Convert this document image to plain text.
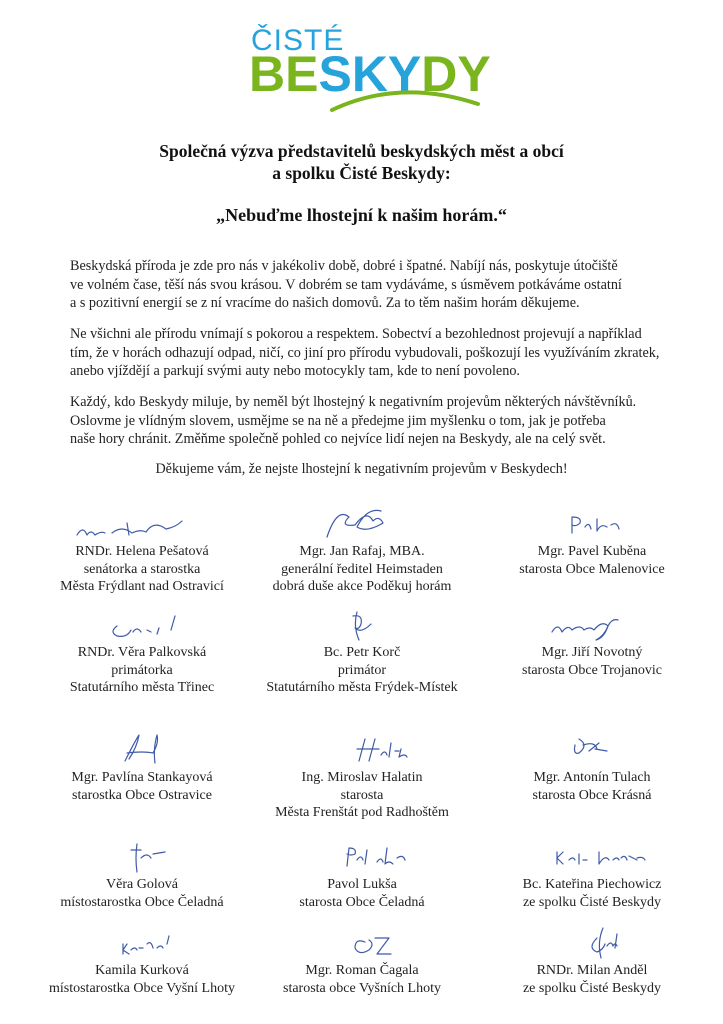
ČISTÉ
BESKYDY
Společná výzva představitelů beskydských měst a obcí
a spolku Čisté Beskydy:
„Nebuďme lhostejní k našim horám.“
Beskydská příroda je zde pro nás v jakékoliv době, dobré i špatné. Nabíjí nás, poskytuje útočiště
ve volném čase, těší nás svou krásou. V dobrém se tam vydáváme, s úsměvem potkáváme ostatní
a s pozitivní energií se z ní vracíme do našich domovů. Za to těm našim horám děkujeme.
Ne všichni ale přírodu vnímají s pokorou a respektem. Sobectví a bezohlednost projevují a například
tím, že v horách odhazují odpad, ničí, co jiní pro přírodu vybudovali, poškozují les využíváním zkratek,
anebo vjíždějí a parkují svými auty nebo motocykly tam, kde to není povoleno.
Každý, kdo Beskydy miluje, by neměl být lhostejný k negativním projevům některých návštěvníků.
Oslovme je vlídným slovem, usmějme se na ně a předejme jim myšlenku o tom, jak je potřeba
naše hory chránit. Změňme společně pohled co nejvíce lidí nejen na Beskydy, ale na celý svět.
Děkujeme vám, že nejste lhostejní k negativním projevům v Beskydech!
RNDr. Helena Pešatová
senátorka a starostka
Města Frýdlant nad Ostravicí
Mgr. Jan Rafaj, MBA.
generální ředitel Heimstaden
dobrá duše akce Poděkuj horám
Mgr. Pavel Kuběna
starosta Obce Malenovice
RNDr. Věra Palkovská
primátorka
Statutárního města Třinec
Bc. Petr Korč
primátor
Statutárního města Frýdek-Místek
Mgr. Jiří Novotný
starosta Obce Trojanovic
Mgr. Pavlína Stankayová
starostka Obce Ostravice
Ing. Miroslav Halatin
starosta
Města Frenštát pod Radhoštěm
Mgr. Antonín Tulach
starosta Obce Krásná
Věra Golová
místostarostka Obce Čeladná
Pavol Lukša
starosta Obce Čeladná
Bc. Kateřina Piechowicz
ze spolku Čisté Beskydy
Kamila Kurková
místostarostka Obce Vyšní Lhoty
Mgr. Roman Čagala
starosta obce Vyšních Lhoty
RNDr. Milan Anděl
ze spolku Čisté Beskydy
